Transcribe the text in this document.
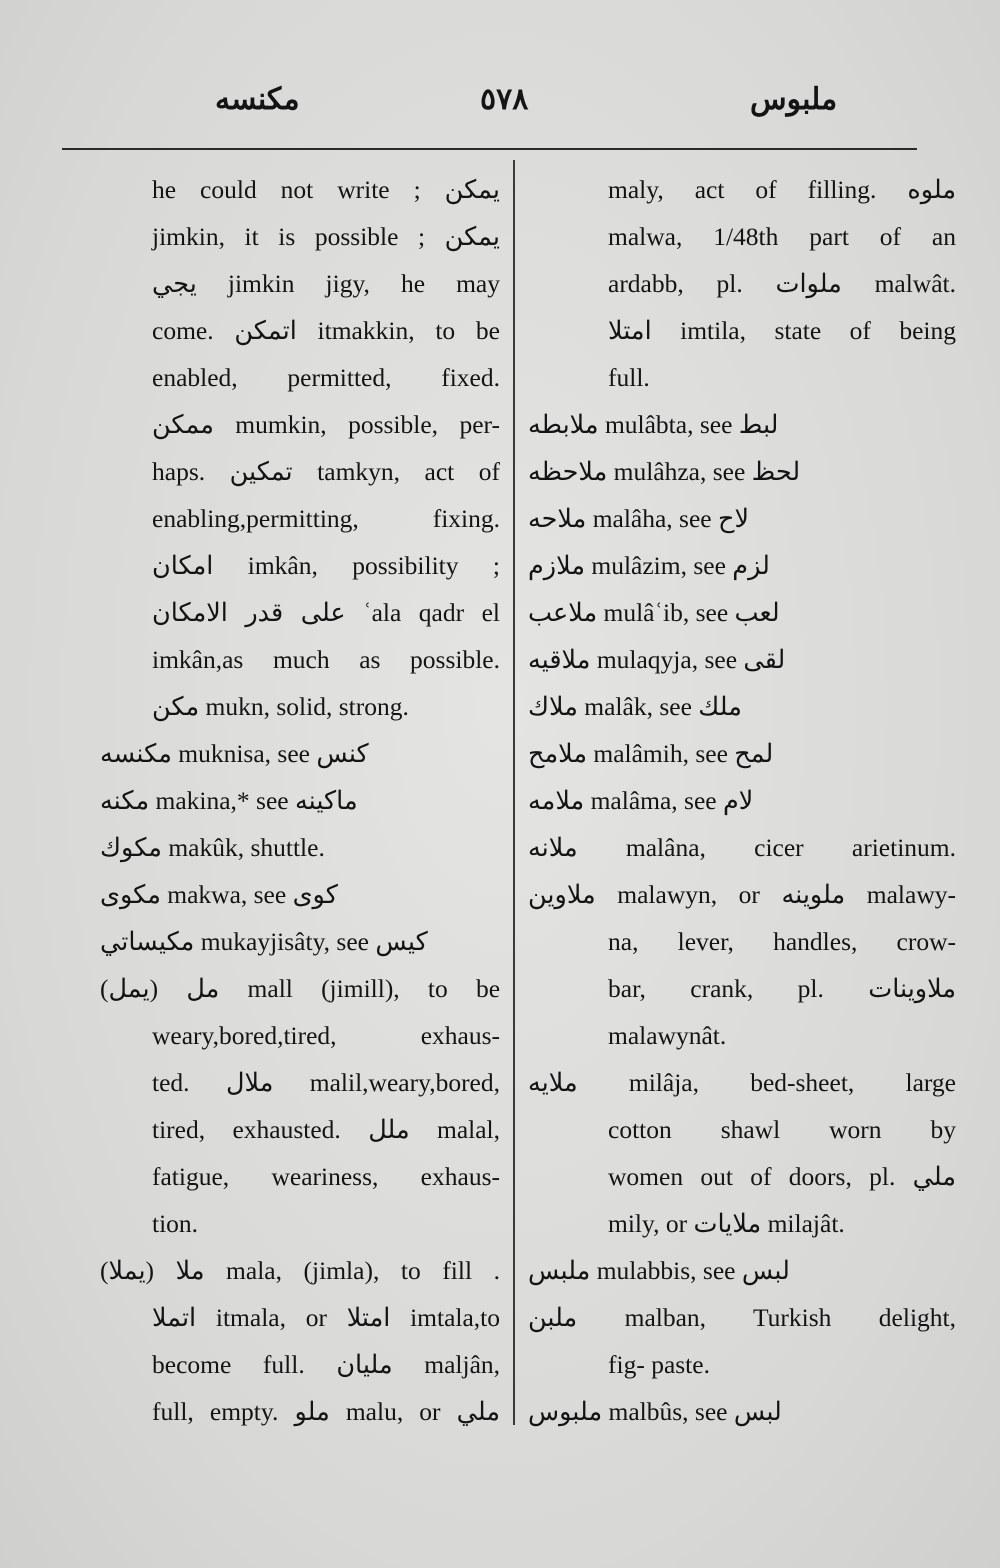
مكنسه	٥٧٨	ملبوس
he could not write ; يمكن
jimkin, it is possible ; يمكن
يجي jimkin jigy, he may
come. اتمكن itmakkin, to be
enabled, permitted, fixed.
ممكن mumkin, possible, per-
haps. تمكين tamkyn, act of
enabling,permitting, fixing.
امكان imkân, possibility ;
على قدر الامكان ʿala qadr el
imkân,as much as possible.
مكن mukn, solid, strong.
مكنسه muknisa, see كنس
مكنه makina,* see ماكينه
مكوك makûk, shuttle.
مكوى makwa, see كوى
مكيساتي mukayjisâty, see كيس
مل (يمل) mall (jimill), to be
weary,bored,tired, exhaus-
ted. ملال malil,weary,bored,
tired, exhausted. ملل malal,
fatigue, weariness, exhaus-
tion.
ملا (يملا) mala, (jimla), to fill .
اتملا itmala, or امتلا imtala,to
become full. مليان maljân,
full, empty. ملو malu, or ملي
maly, act of filling. ملوه
malwa, 1/48th part of an
ardabb, pl. ملوات malwât.
امتلا imtila, state of being
full.
ملابطه mulâbta, see لبط
ملاحظه mulâhza, see لحظ
ملاحه malâha, see لاح
ملازم mulâzim, see لزم
ملاعب mulâʿib, see لعب
ملاقيه mulaqyja, see لقى
ملاك malâk, see ملك
ملامح malâmih, see لمح
ملامه malâma, see لام
ملانه malâna, cicer arietinum.
ملاوين malawyn, or ملوينه malawy-
na, lever, handles, crow-
bar, crank, pl. ملاوينات
malawynât.
ملايه milâja, bed-sheet, large
cotton shawl worn by
women out of doors, pl. ملي
mily, or ملايات milajât.
ملبس mulabbis, see لبس
ملبن malban, Turkish delight,
fig- paste.
ملبوس malbûs, see لبس
